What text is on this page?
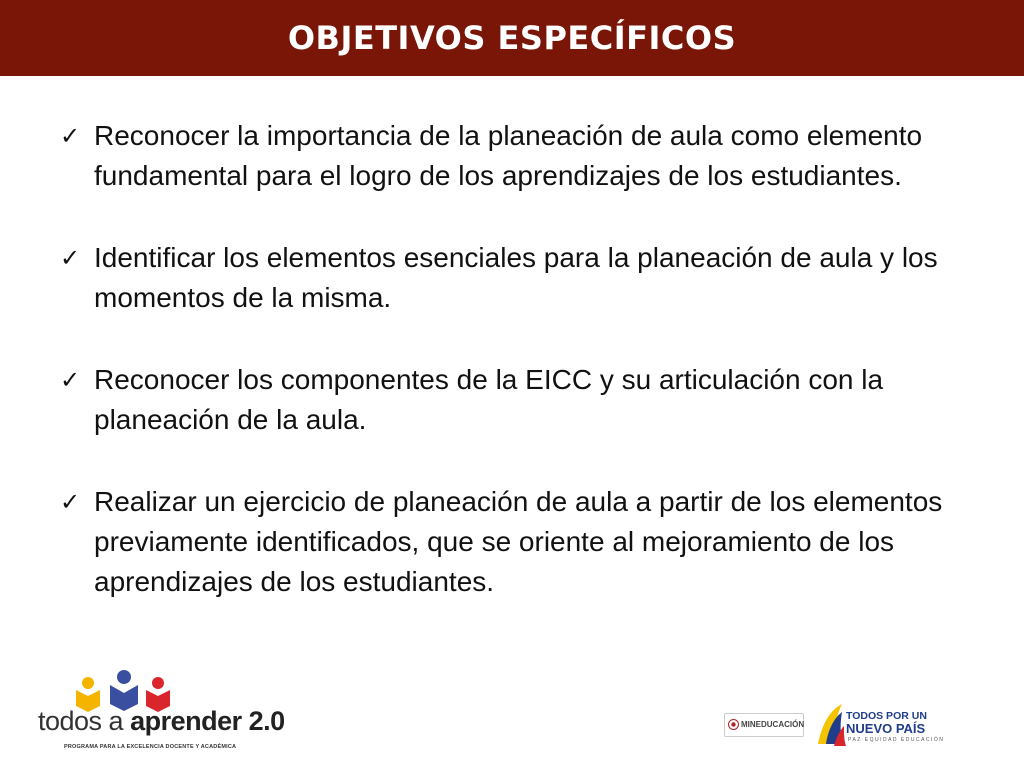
OBJETIVOS ESPECÍFICOS
✓ Reconocer la importancia de la planeación de aula como elemento fundamental para el logro de los aprendizajes de los estudiantes.
✓ Identificar los elementos esenciales para la planeación de aula y los momentos de la misma.
✓ Reconocer los componentes de la EICC y su articulación con la planeación de la aula.
✓ Realizar un ejercicio de planeación de aula a partir de los elementos previamente identificados, que se oriente al mejoramiento de los aprendizajes de los estudiantes.
todos a aprender 2.0
PROGRAMA PARA LA EXCELENCIA DOCENTE Y ACADÉMICA
MINEDUCACIÓN
TODOS POR UN
NUEVO PAÍS
PAZ EQUIDAD EDUCACIÓN
